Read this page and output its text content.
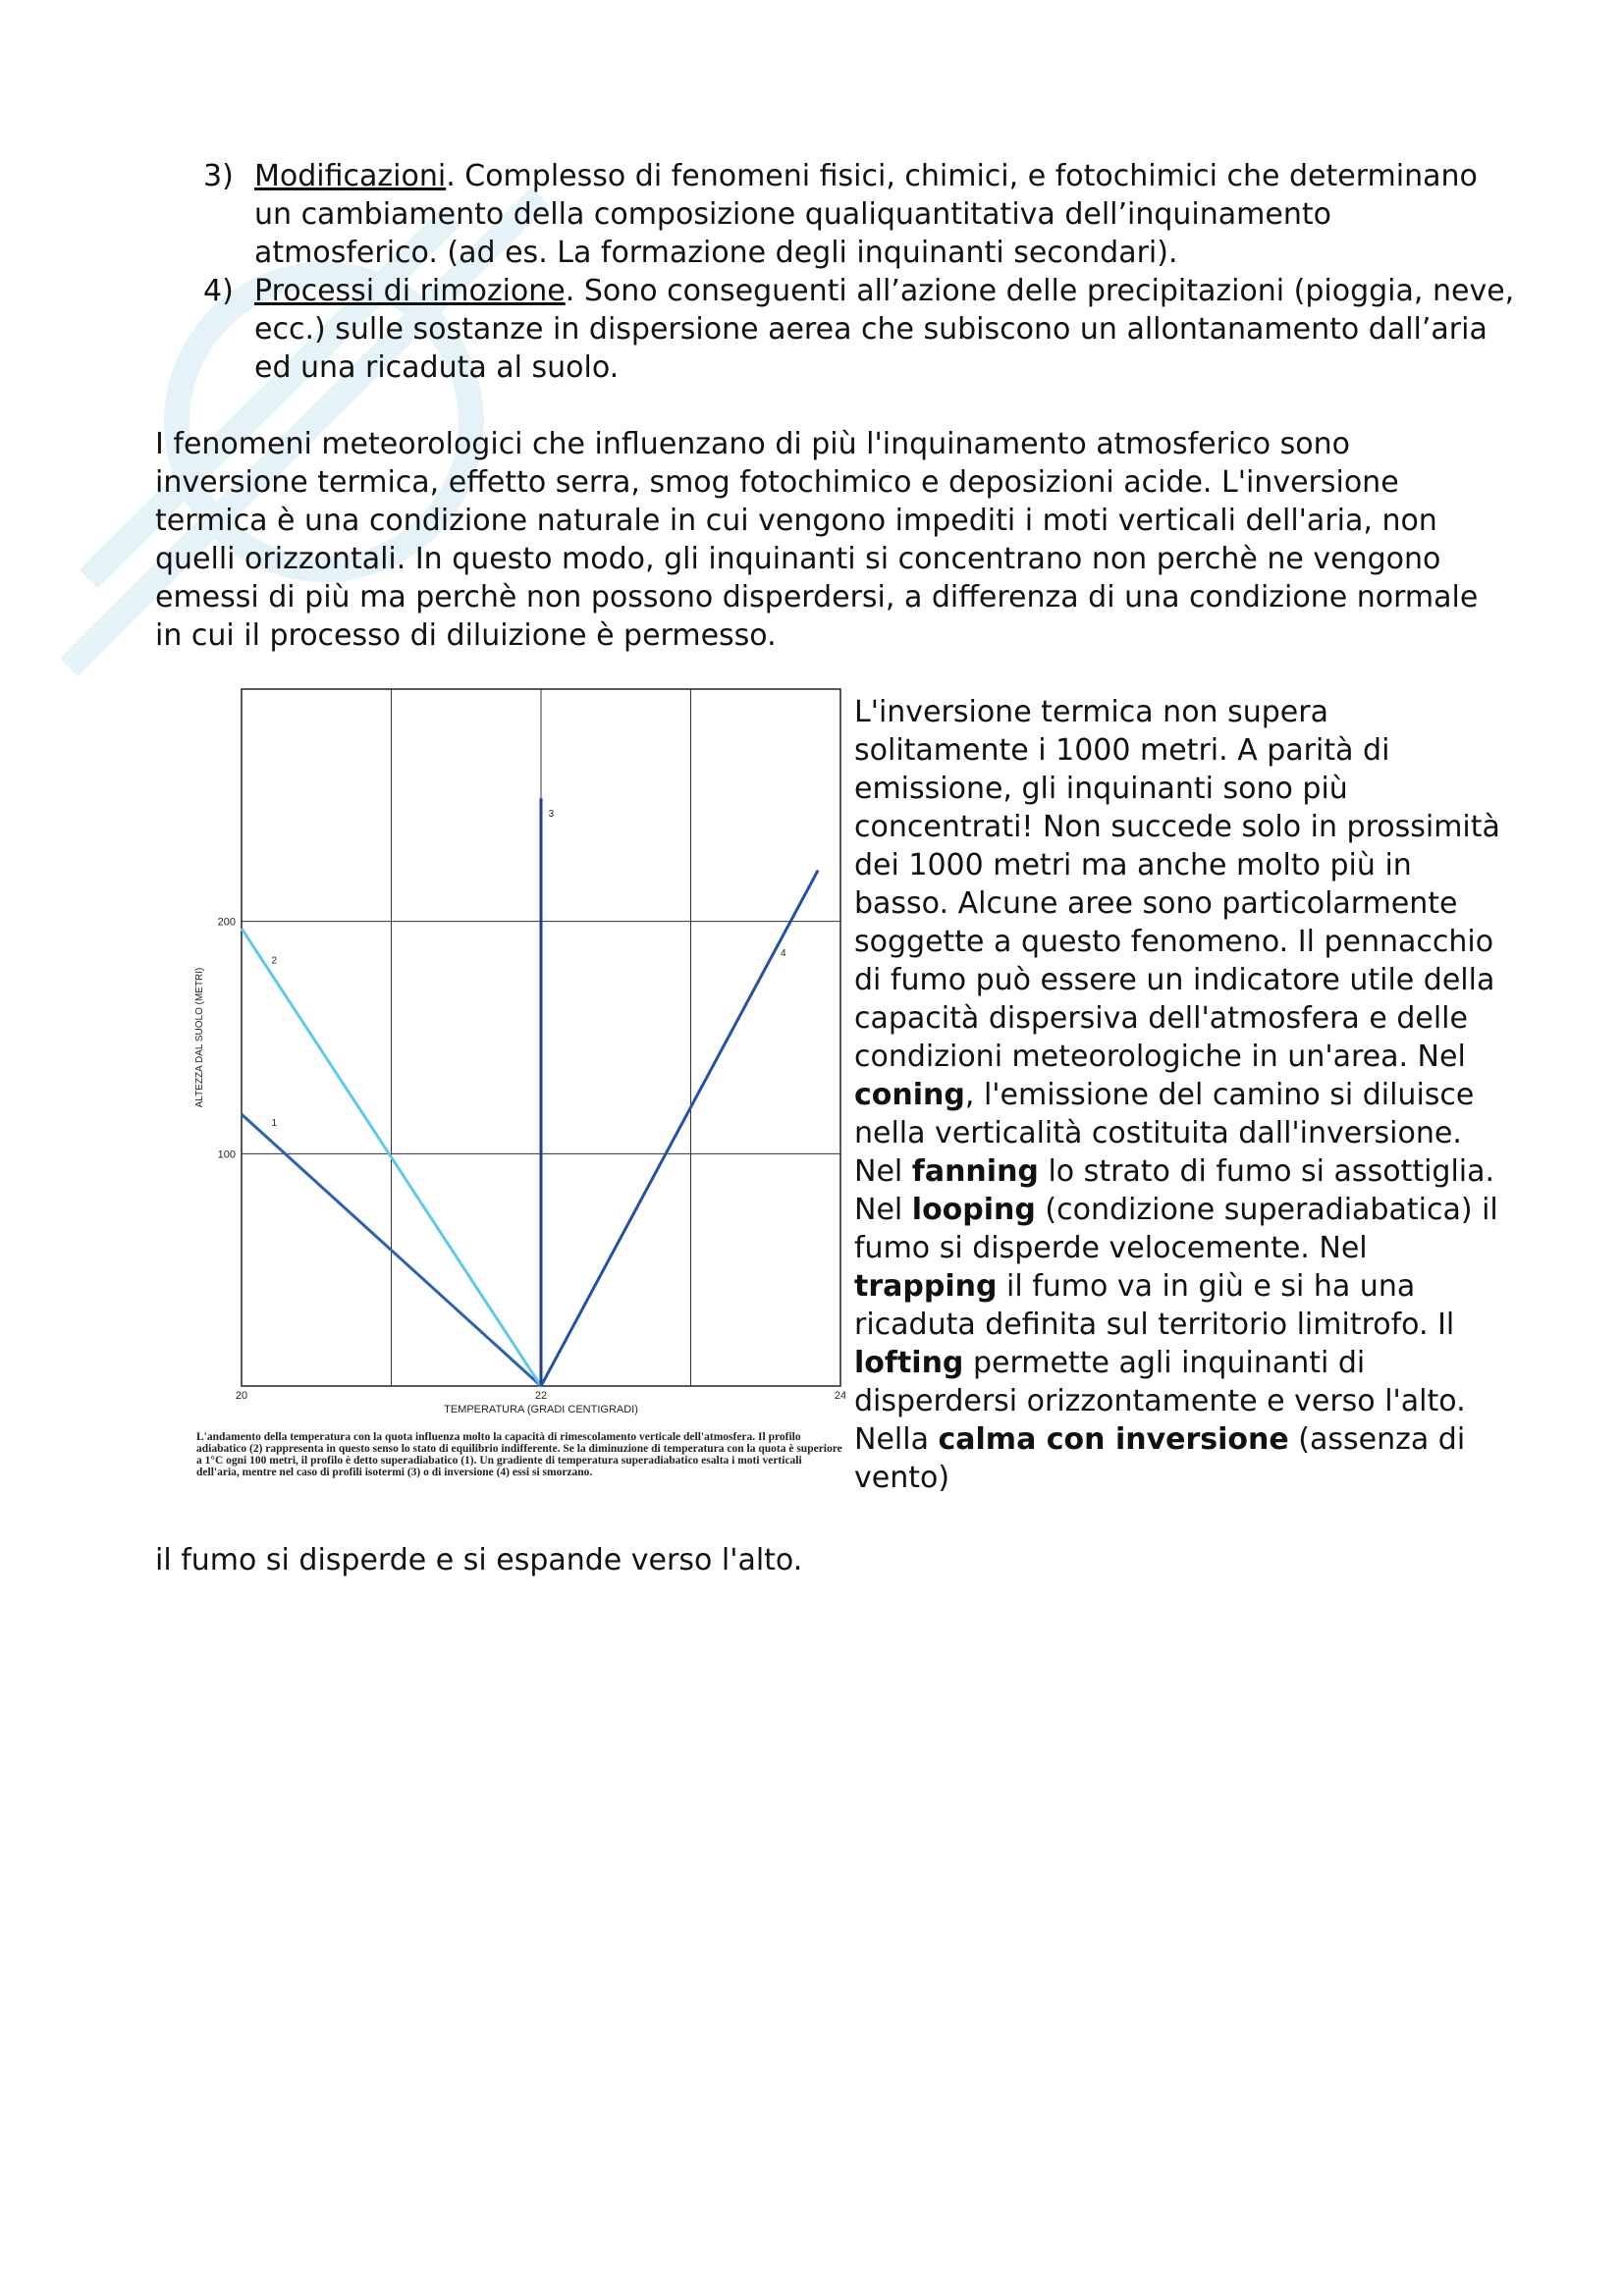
3) Modificazioni. Complesso di fenomeni fisici, chimici, e fotochimici che determinano un cambiamento della composizione qualiquantitativa dell’inquinamento atmosferico. (ad es. La formazione degli inquinanti secondari).
4) Processi di rimozione. Sono conseguenti all’azione delle precipitazioni (pioggia, neve, ecc.) sulle sostanze in dispersione aerea che subiscono un allontanamento dall’aria ed una ricaduta al suolo.

I fenomeni meteorologici che influenzano di più l'inquinamento atmosferico sono inversione termica, effetto serra, smog fotochimico e deposizioni acide. L'inversione termica è una condizione naturale in cui vengono impediti i moti verticali dell'aria, non quelli orizzontali. In questo modo, gli inquinanti si concentrano non perchè ne vengono emessi di più ma perchè non possono disperdersi, a differenza di una condizione normale in cui il processo di diluizione è permesso.

100
200
20	22	24
TEMPERATURA (GRADI CENTIGRADI)
ALTEZZA DAL SUOLO (METRI)
1
2
3
4
L'andamento della temperatura con la quota influenza molto la capacità di rimescolamento verticale dell'atmosfera. Il profilo adiabatico (2) rappresenta in questo senso lo stato di equilibrio indifferente. Se la diminuzione di temperatura con la quota è superiore a 1°C ogni 100 metri, il profilo è detto superadiabatico (1). Un gradiente di temperatura superadiabatico esalta i moti verticali dell'aria, mentre nel caso di profili isotermi (3) o di inversione (4) essi si smorzano.
L'inversione termica non supera solitamente i 1000 metri. A parità di emissione, gli inquinanti sono più concentrati! Non succede solo in prossimità dei 1000 metri ma anche molto più in basso. Alcune aree sono particolarmente soggette a questo fenomeno. Il pennacchio di fumo può essere un indicatore utile della capacità dispersiva dell'atmosfera e delle condizioni meteorologiche in un'area. Nel coning, l'emissione del camino si diluisce nella verticalità costituita dall'inversione. Nel fanning lo strato di fumo si assottiglia. Nel looping (condizione superadiabatica) il fumo si disperde velocemente. Nel trapping il fumo va in giù e si ha una ricaduta definita sul territorio limitrofo. Il lofting permette agli inquinanti di disperdersi orizzontamente e verso l'alto. Nella calma con inversione (assenza di vento)

il fumo si disperde e si espande verso l'alto.
